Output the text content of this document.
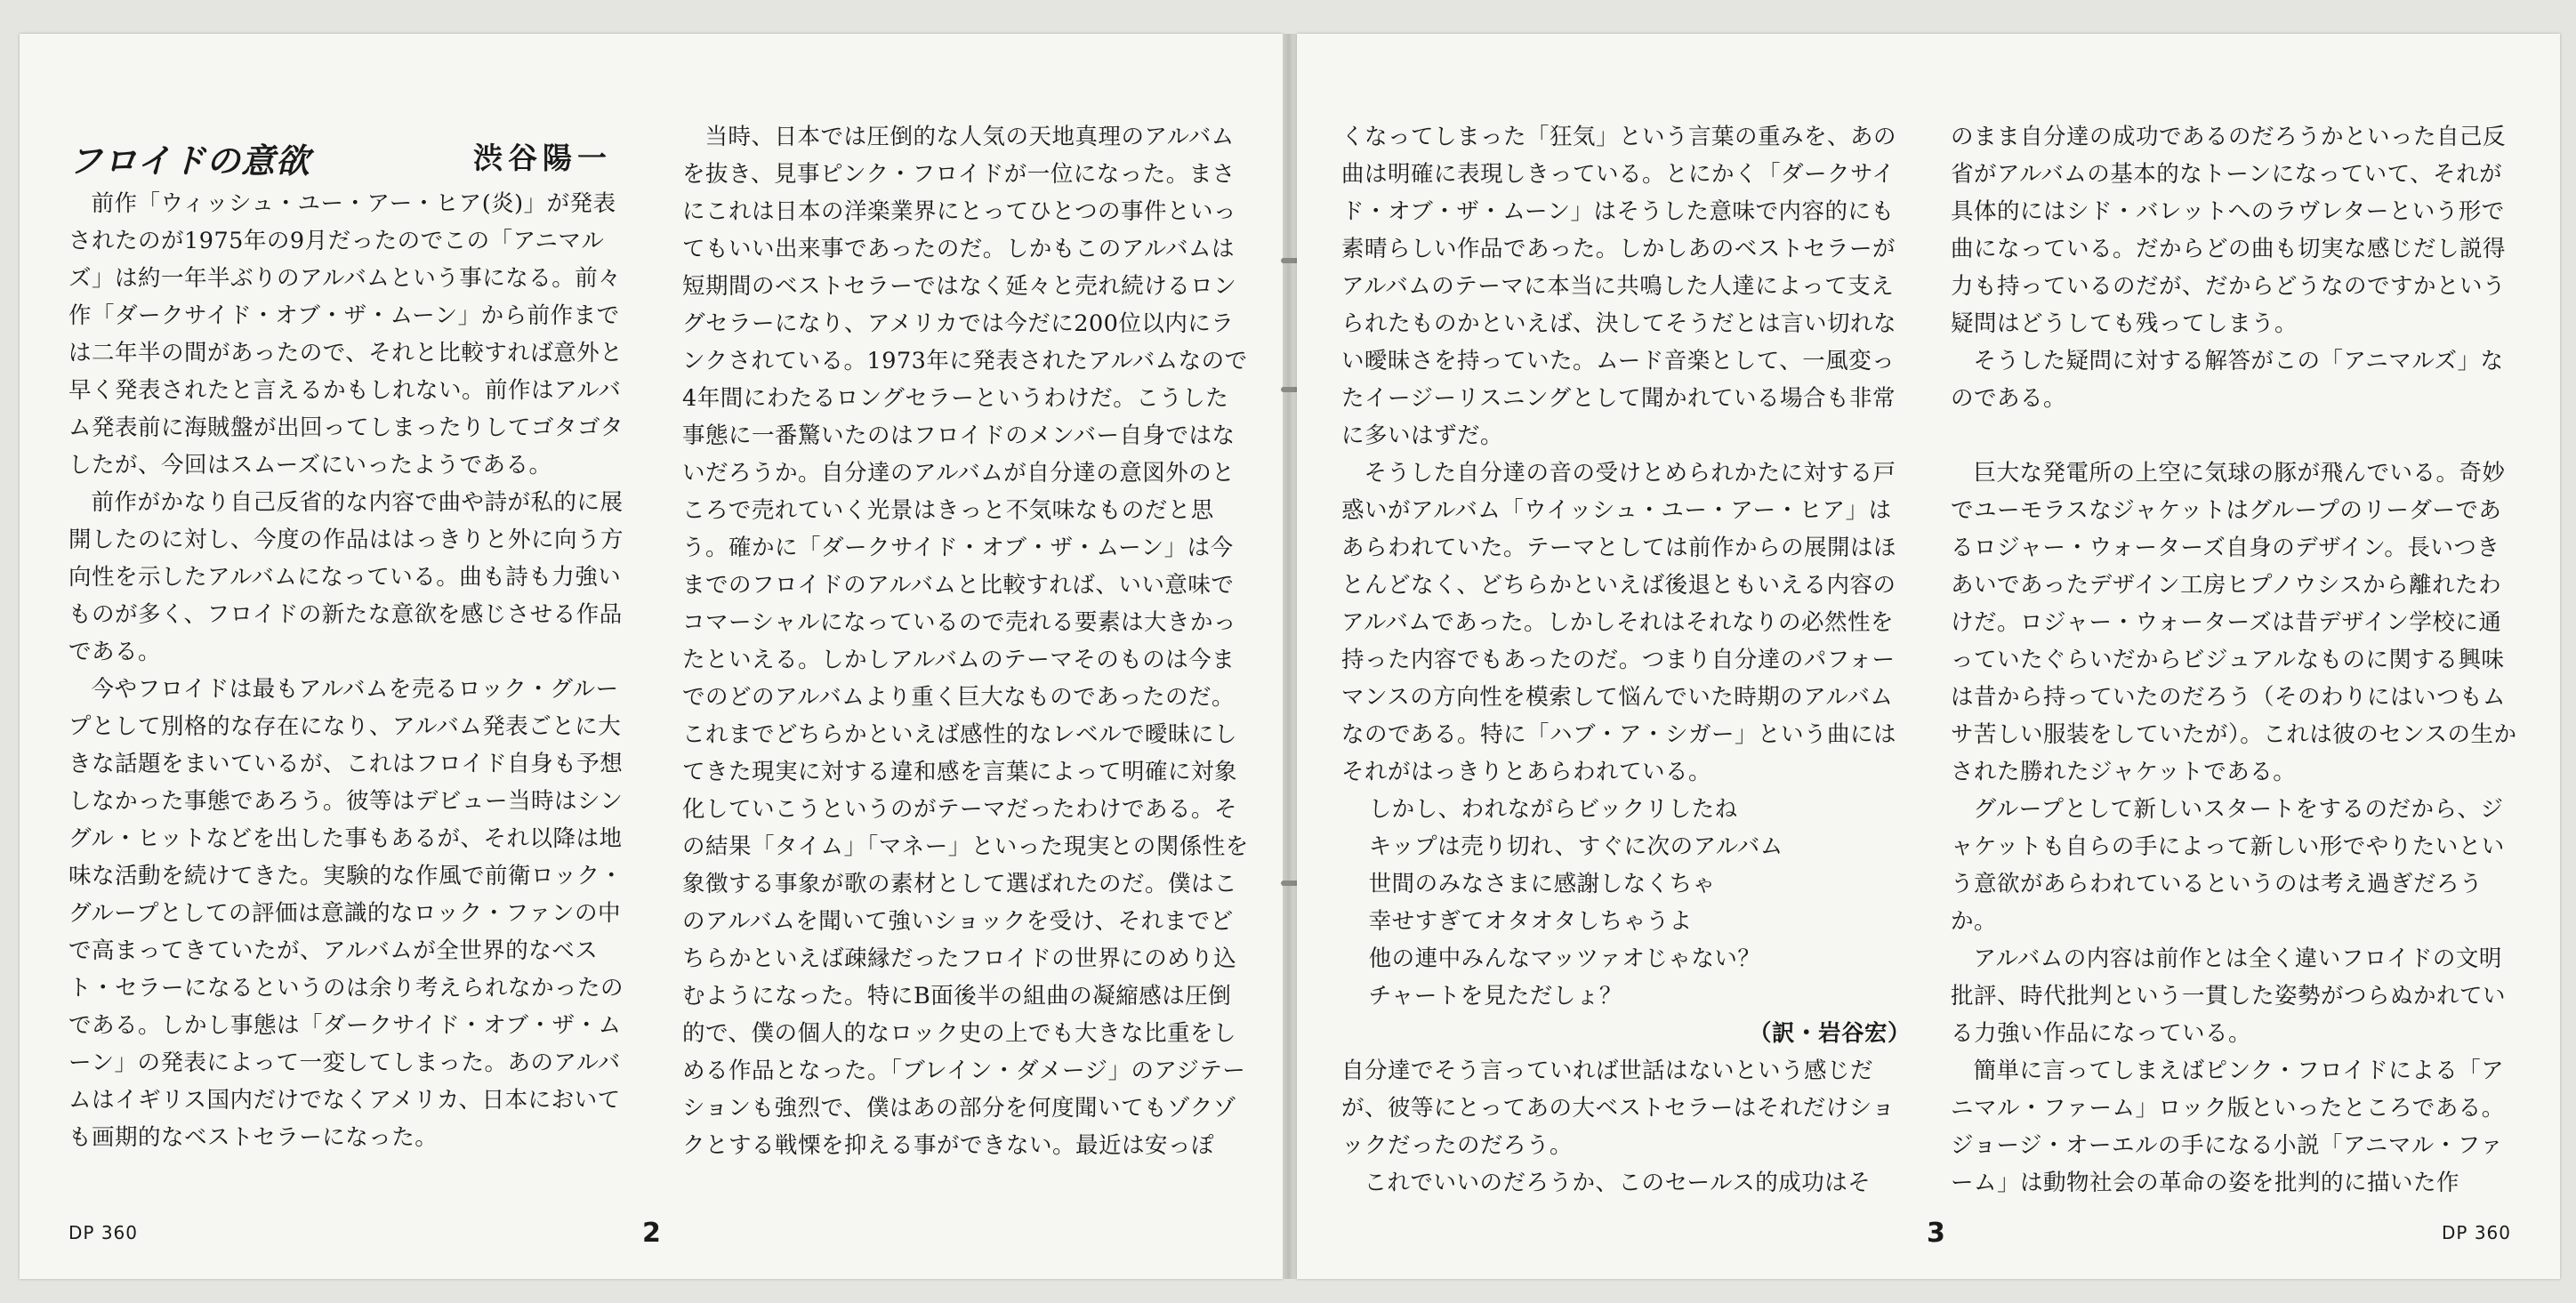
フロイドの意欲	渋谷陽一

前作「ウィッシュ・ユー・アー・ヒア(炎)」が発表されたのが1975年の9月だったのでこの「アニマルズ」は約一年半ぶりのアルバムという事になる。前々作「ダークサイド・オブ・ザ・ムーン」から前作までは二年半の間があったので、それと比較すれば意外と早く発表されたと言えるかもしれない。前作はアルバム発表前に海賊盤が出回ってしまったりしてゴタゴタしたが、今回はスムーズにいったようである。

前作がかなり自己反省的な内容で曲や詩が私的に展開したのに対し、今度の作品ははっきりと外に向う方向性を示したアルバムになっている。曲も詩も力強いものが多く、フロイドの新たな意欲を感じさせる作品である。

今やフロイドは最もアルバムを売るロック・グループとして別格的な存在になり、アルバム発表ごとに大きな話題をまいているが、これはフロイド自身も予想しなかった事態であろう。彼等はデビュー当時はシングル・ヒットなどを出した事もあるが、それ以降は地味な活動を続けてきた。実験的な作風で前衛ロック・グループとしての評価は意識的なロック・ファンの中で高まってきていたが、アルバムが全世界的なベスト・セラーになるというのは余り考えられなかったのである。しかし事態は「ダークサイド・オブ・ザ・ムーン」の発表によって一変してしまった。あのアルバムはイギリス国内だけでなくアメリカ、日本においても画期的なベストセラーになった。

当時、日本では圧倒的な人気の天地真理のアルバムを抜き、見事ピンク・フロイドが一位になった。まさにこれは日本の洋楽業界にとってひとつの事件といってもいい出来事であったのだ。しかもこのアルバムは短期間のベストセラーではなく延々と売れ続けるロングセラーになり、アメリカでは今だに200位以内にランクされている。1973年に発表されたアルバムなので4年間にわたるロングセラーというわけだ。こうした事態に一番驚いたのはフロイドのメンバー自身ではないだろうか。自分達のアルバムが自分達の意図外のところで売れていく光景はきっと不気味なものだと思う。確かに「ダークサイド・オブ・ザ・ムーン」は今までのフロイドのアルバムと比較すれば、いい意味でコマーシャルになっているので売れる要素は大きかったといえる。しかしアルバムのテーマそのものは今までのどのアルバムより重く巨大なものであったのだ。これまでどちらかといえば感性的なレベルで曖昧にしてきた現実に対する違和感を言葉によって明確に対象化していこうというのがテーマだったわけである。その結果「タイム」「マネー」といった現実との関係性を象徴する事象が歌の素材として選ばれたのだ。僕はこのアルバムを聞いて強いショックを受け、それまでどちらかといえば疎縁だったフロイドの世界にのめり込むようになった。特にB面後半の組曲の凝縮感は圧倒的で、僕の個人的なロック史の上でも大きな比重をしめる作品となった。「ブレイン・ダメージ」のアジテーションも強烈で、僕はあの部分を何度聞いてもゾクゾクとする戦慄を抑える事ができない。最近は安っぽ

DP 360	2

くなってしまった「狂気」という言葉の重みを、あの曲は明確に表現しきっている。とにかく「ダークサイド・オブ・ザ・ムーン」はそうした意味で内容的にも素晴らしい作品であった。しかしあのベストセラーがアルバムのテーマに本当に共鳴した人達によって支えられたものかといえば、決してそうだとは言い切れない曖昧さを持っていた。ムード音楽として、一風変ったイージーリスニングとして聞かれている場合も非常に多いはずだ。

そうした自分達の音の受けとめられかたに対する戸惑いがアルバム「ウイッシュ・ユー・アー・ヒア」はあらわれていた。テーマとしては前作からの展開はほとんどなく、どちらかといえば後退ともいえる内容のアルバムであった。しかしそれはそれなりの必然性を持った内容でもあったのだ。つまり自分達のパフォーマンスの方向性を模索して悩んでいた時期のアルバムなのである。特に「ハブ・ア・シガー」という曲にはそれがはっきりとあらわれている。

しかし、われながらビックリしたね

キップは売り切れ、すぐに次のアルバム

世間のみなさまに感謝しなくちゃ

幸せすぎてオタオタしちゃうよ

他の連中みんなマッツァオじゃない？

チャートを見ただしょ？

（訳・岩谷宏）

自分達でそう言っていれば世話はないという感じだが、彼等にとってあの大ベストセラーはそれだけショックだったのだろう。

これでいいのだろうか、このセールス的成功はそ

のまま自分達の成功であるのだろうかといった自己反省がアルバムの基本的なトーンになっていて、それが具体的にはシド・バレットへのラヴレターという形で曲になっている。だからどの曲も切実な感じだし説得力も持っているのだが、だからどうなのですかという疑問はどうしても残ってしまう。

そうした疑問に対する解答がこの「アニマルズ」なのである。

巨大な発電所の上空に気球の豚が飛んでいる。奇妙でユーモラスなジャケットはグループのリーダーであるロジャー・ウォーターズ自身のデザイン。長いつきあいであったデザイン工房ヒプノウシスから離れたわけだ。ロジャー・ウォーターズは昔デザイン学校に通っていたぐらいだからビジュアルなものに関する興味は昔から持っていたのだろう（そのわりにはいつもムサ苦しい服装をしていたが）。これは彼のセンスの生かされた勝れたジャケットである。

グループとして新しいスタートをするのだから、ジャケットも自らの手によって新しい形でやりたいという意欲があらわれているというのは考え過ぎだろうか。

アルバムの内容は前作とは全く違いフロイドの文明批評、時代批判という一貫した姿勢がつらぬかれている力強い作品になっている。

簡単に言ってしまえばピンク・フロイドによる「アニマル・ファーム」ロック版といったところである。ジョージ・オーエルの手になる小説「アニマル・ファーム」は動物社会の革命の姿を批判的に描いた作

3	DP 360
